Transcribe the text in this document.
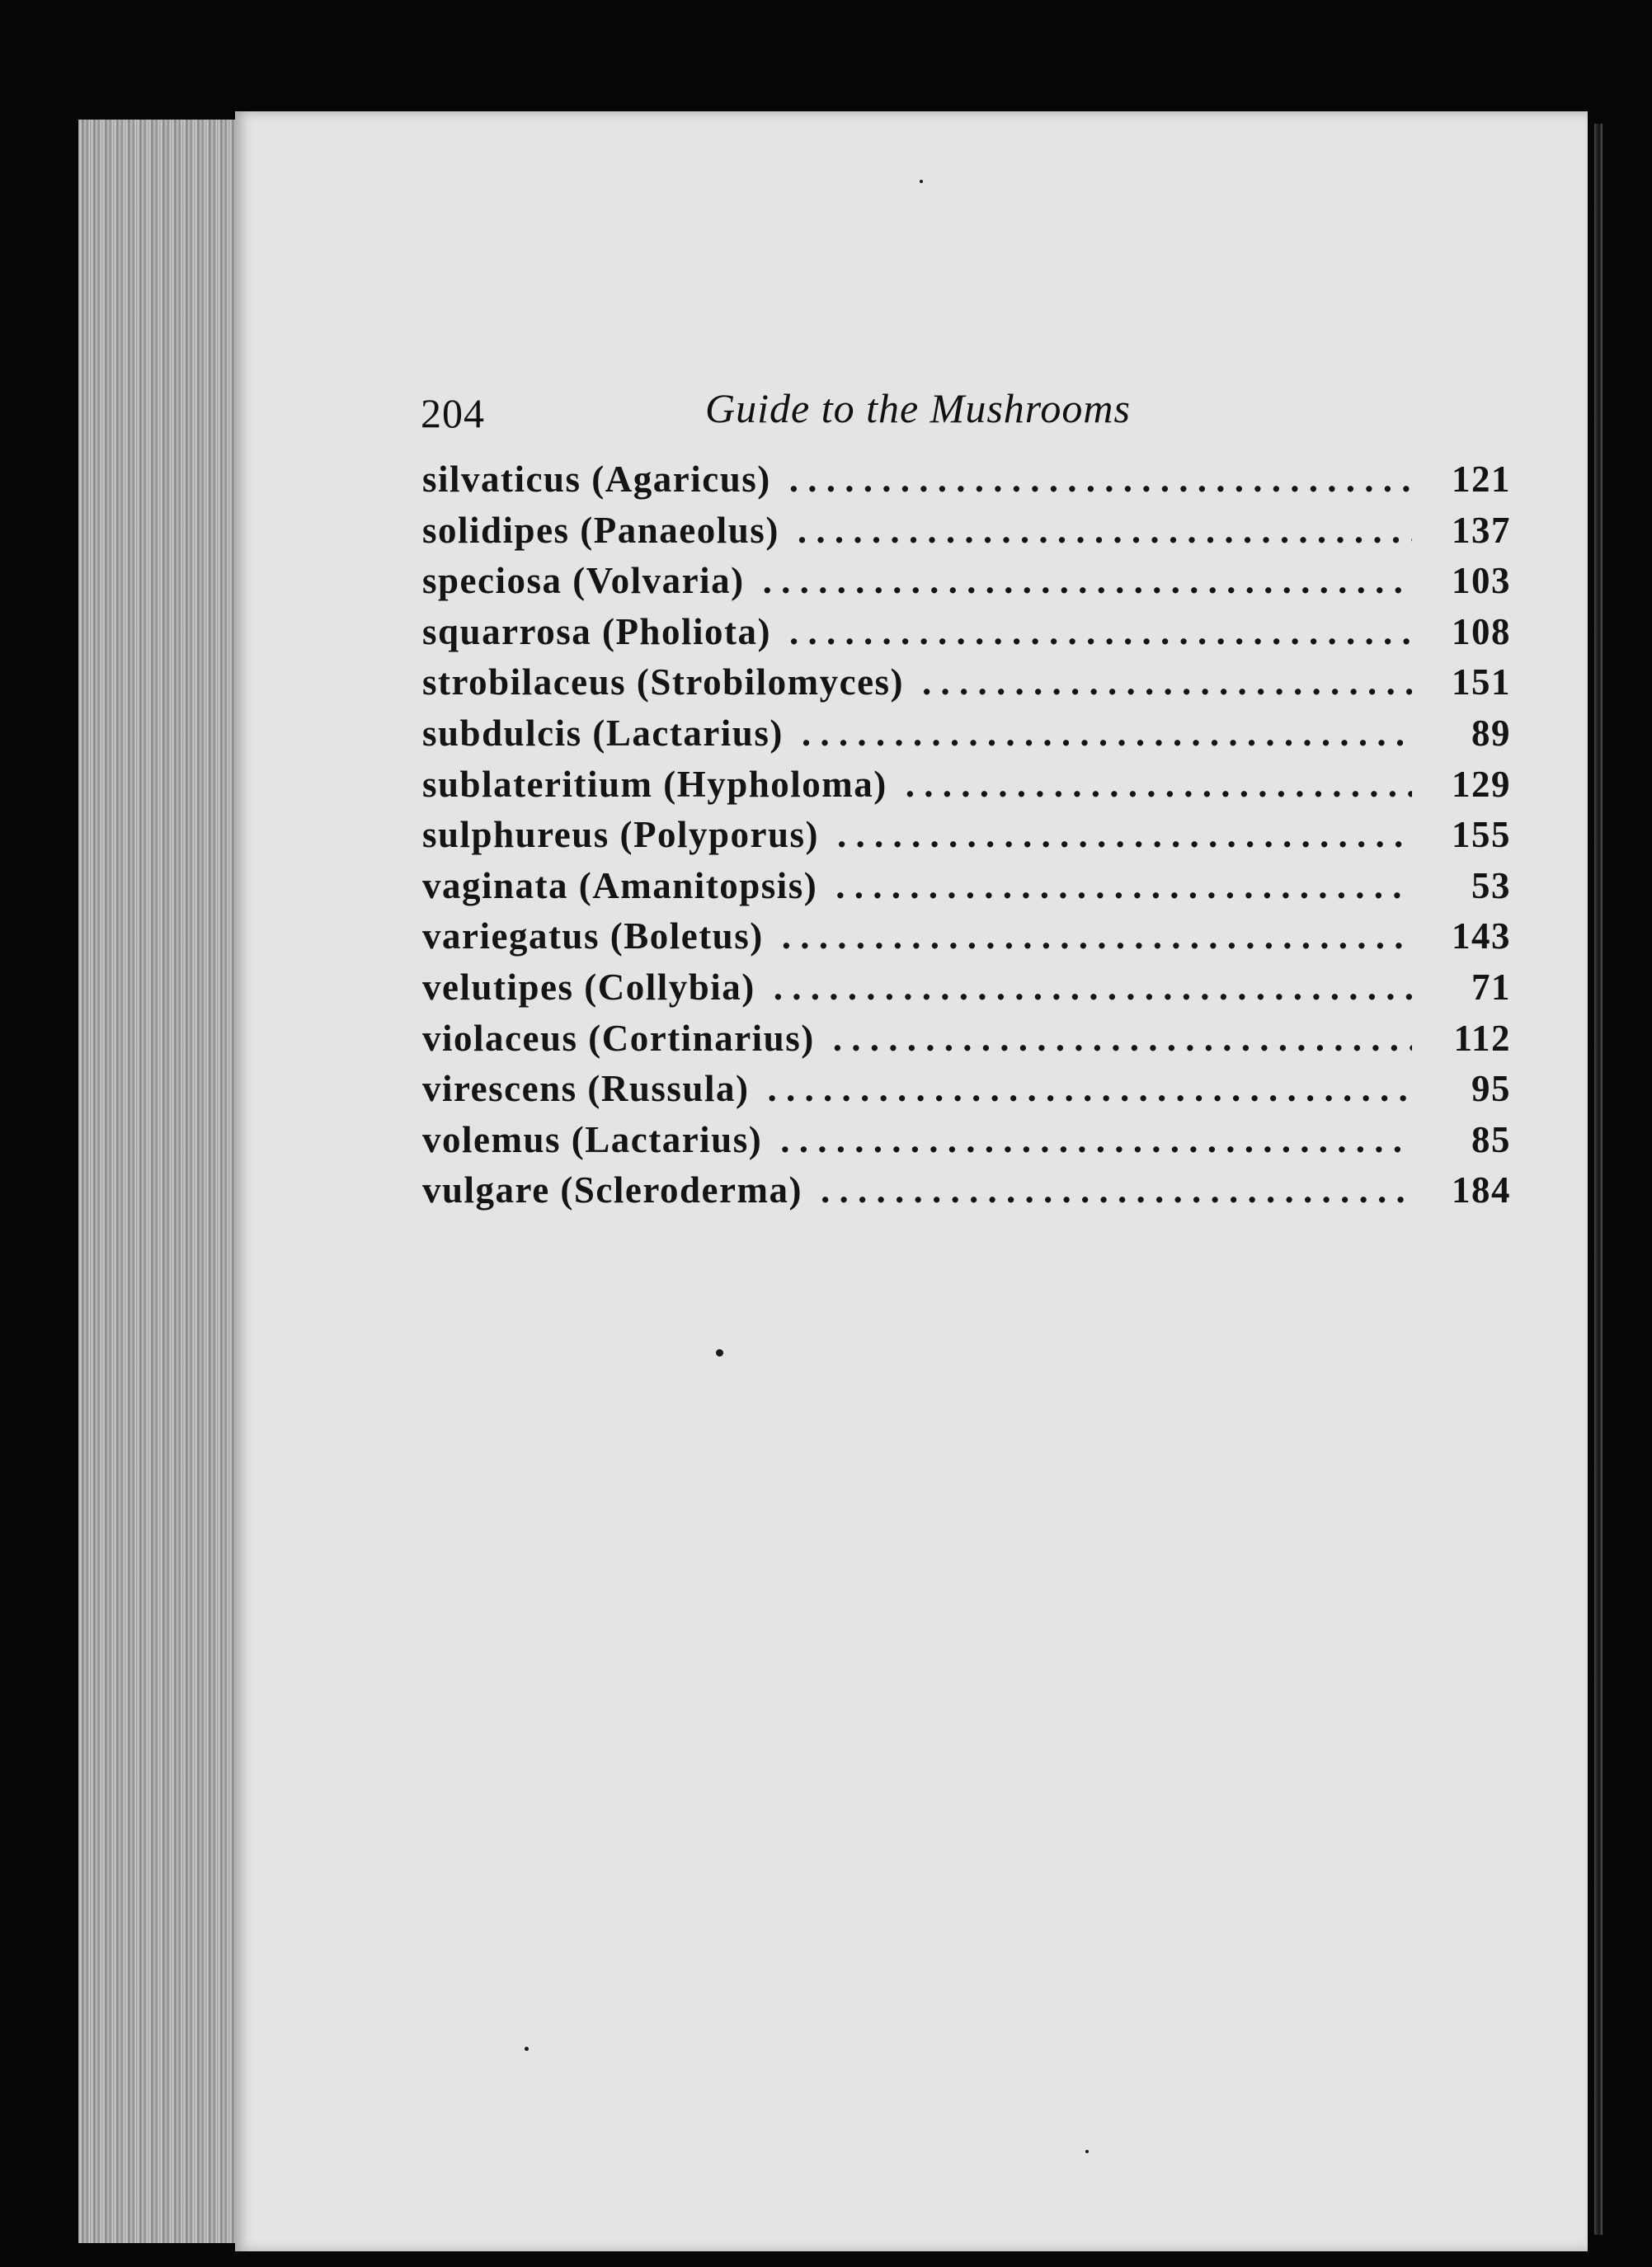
204	Guide to the Mushrooms
silvaticus (Agaricus) . . .	121
solidipes (Panaeolus) . . .	137
speciosa (Volvaria) . . .	103
squarrosa (Pholiota) . . .	108
strobilaceus (Strobilomyces) . . .	151
subdulcis (Lactarius) . . .	89
sublateritium (Hypholoma) . . .	129
sulphureus (Polyporus) . . .	155
vaginata (Amanitopsis) . . .	53
variegatus (Boletus) . . .	143
velutipes (Collybia) . . .	71
violaceus (Cortinarius) . . .	112
virescens (Russula) . . .	95
volemus (Lactarius) . . .	85
vulgare (Scleroderma) . . .	184
